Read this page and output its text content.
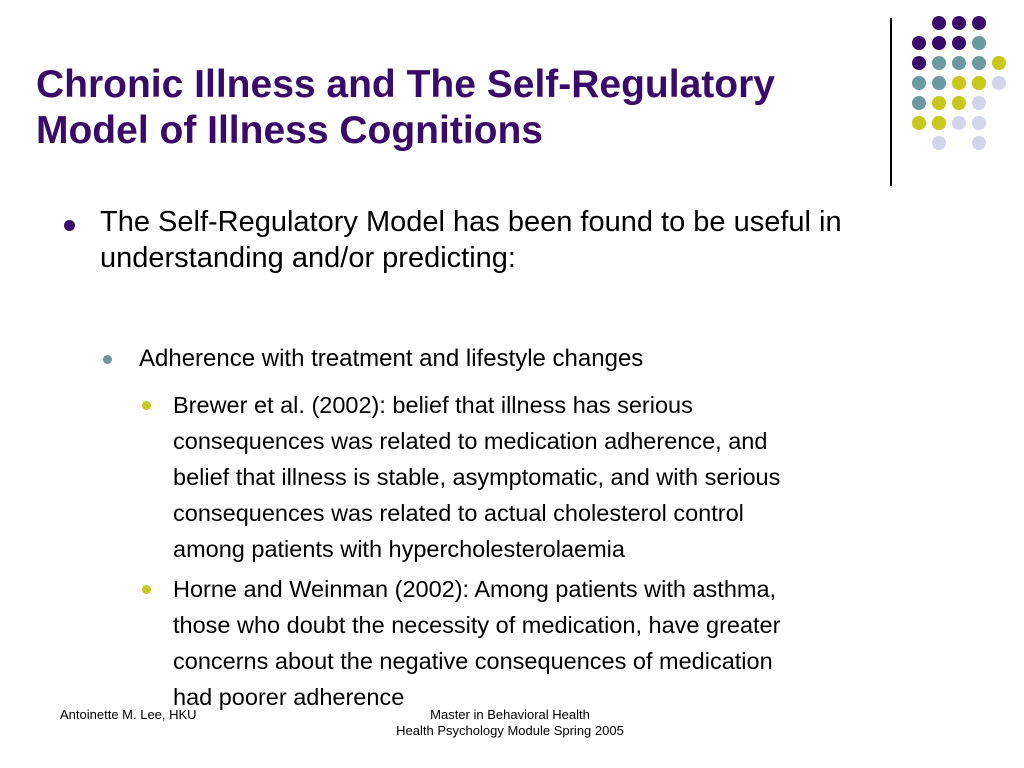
Chronic Illness and The Self-Regulatory
Model of Illness Cognitions
The Self-Regulatory Model has been found to be useful in understanding and/or predicting:
Adherence with treatment and lifestyle changes
Brewer et al. (2002): belief that illness has serious
consequences was related to medication adherence, and
belief that illness is stable, asymptomatic, and with serious
consequences was related to actual cholesterol control
among patients with hypercholesterolaemia
Horne and Weinman (2002): Among patients with asthma,
those who doubt the necessity of medication, have greater
concerns about the negative consequences of medication
had poorer adherence
Antoinette M. Lee, HKU	Master in Behavioral Health
Health Psychology Module Spring 2005
